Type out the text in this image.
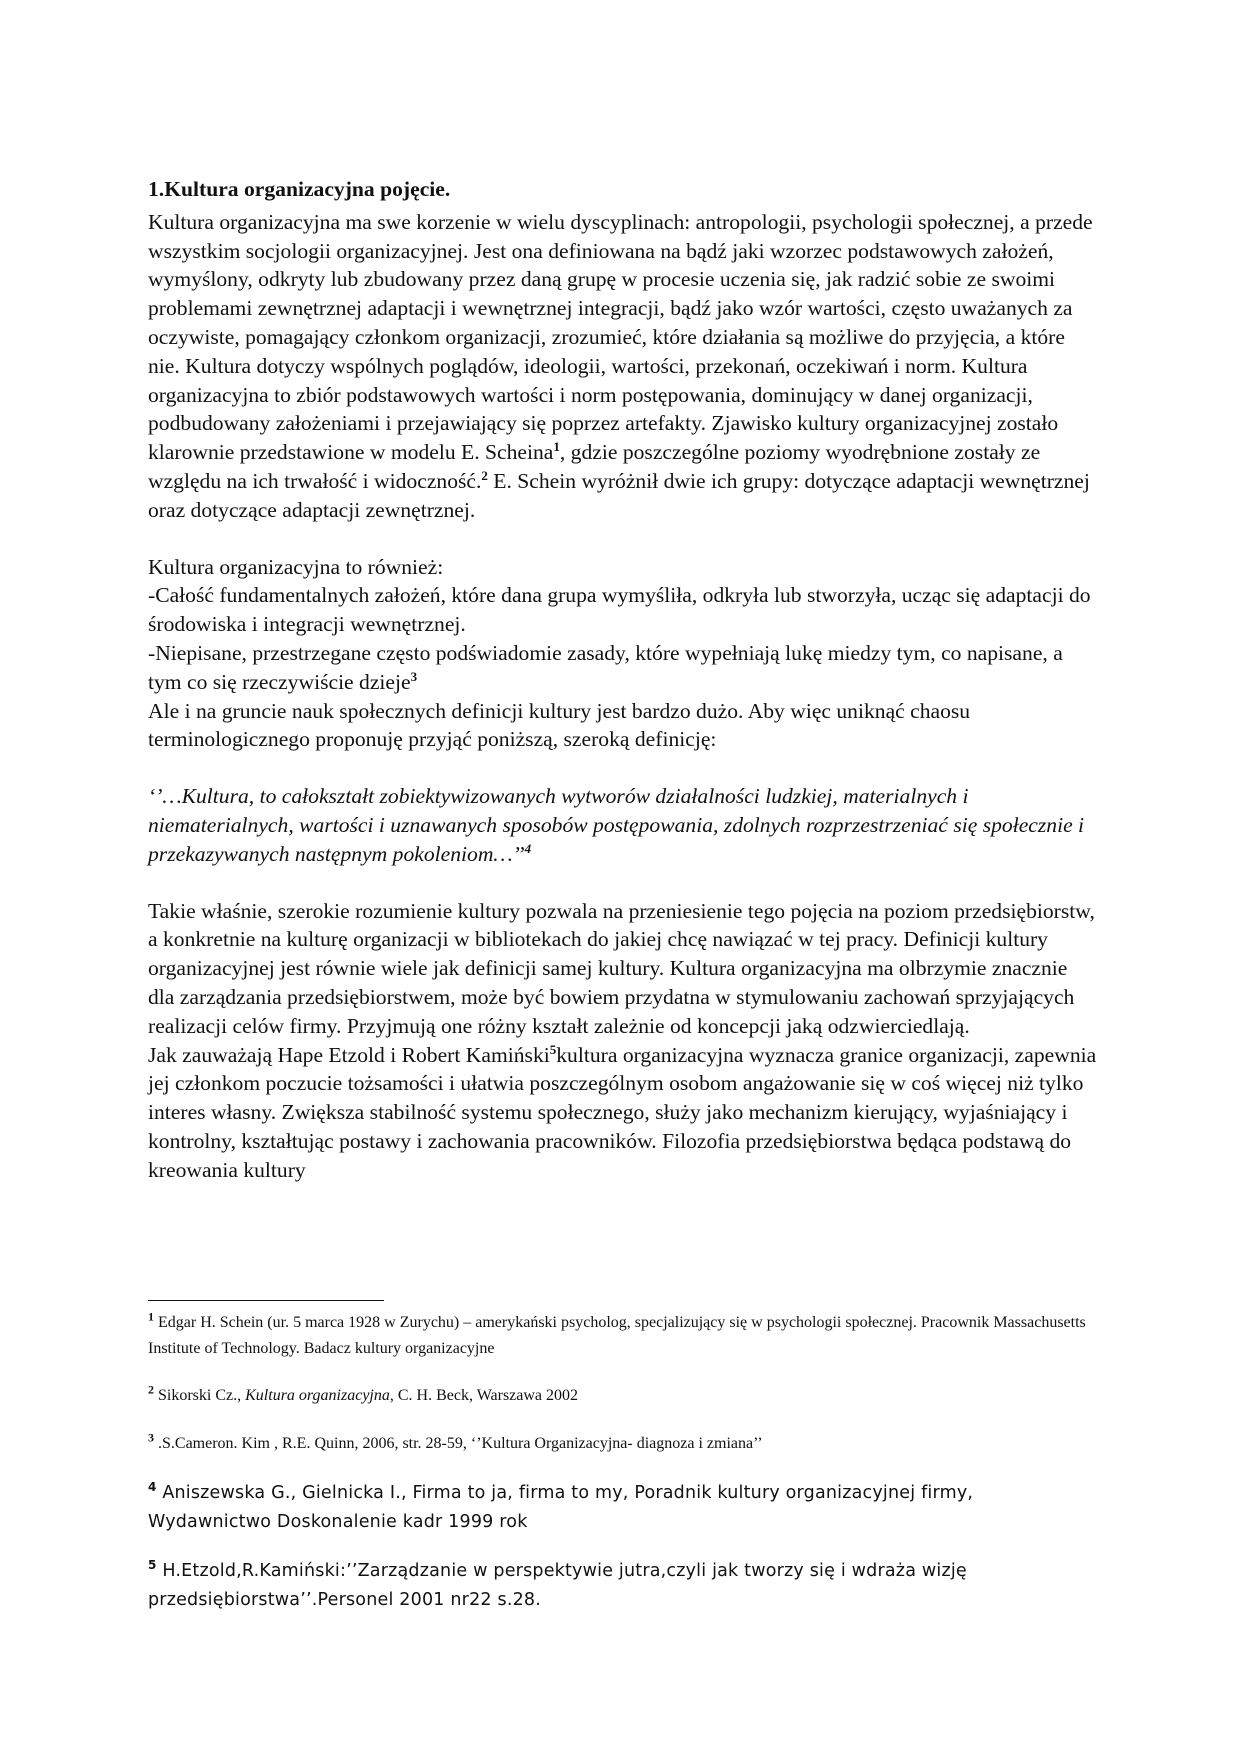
1.Kultura organizacyjna pojęcie.

Kultura organizacyjna ma swe korzenie w wielu dyscyplinach: antropologii, psychologii społecznej, a przede wszystkim socjologii organizacyjnej. Jest ona definiowana na bądź jaki wzorzec podstawowych założeń, wymyślony, odkryty lub zbudowany przez daną grupę w procesie uczenia się, jak radzić sobie ze swoimi problemami zewnętrznej adaptacji i wewnętrznej integracji, bądź jako wzór wartości, często uważanych za oczywiste, pomagający członkom organizacji, zrozumieć, które działania są możliwe do przyjęcia, a które nie. Kultura dotyczy wspólnych poglądów, ideologii, wartości, przekonań, oczekiwań i norm. Kultura organizacyjna to zbiór podstawowych wartości i norm postępowania, dominujący w danej organizacji, podbudowany założeniami i przejawiający się poprzez artefakty. Zjawisko kultury organizacyjnej zostało klarownie przedstawione w modelu E. Scheina$^1$, gdzie poszczególne poziomy wyodrębnione zostały ze względu na ich trwałość i widoczność.$^2$ E. Schein wyróżnił dwie ich grupy: dotyczące adaptacji wewnętrznej oraz dotyczące adaptacji zewnętrznej.

Kultura organizacyjna to również:

-Całość fundamentalnych założeń, które dana grupa wymyśliła, odkryła lub stworzyła, ucząc się adaptacji do środowiska i integracji wewnętrznej.

-Niepisane, przestrzegane często podświadomie zasady, które wypełniają lukę miedzy tym, co napisane, a tym co się rzeczywiście dzieje$^3$

Ale i na gruncie nauk społecznych definicji kultury jest bardzo dużo. Aby więc uniknąć chaosu terminologicznego proponuję przyjąć poniższą, szeroką definicję:

‘’…Kultura, to całokształt zobiektywizowanych wytworów działalności ludzkiej, materialnych i niematerialnych, wartości i uznawanych sposobów postępowania, zdolnych rozprzestrzeniać się społecznie i przekazywanych następnym pokoleniom…’’$^4$

Takie właśnie, szerokie rozumienie kultury pozwala na przeniesienie tego pojęcia na poziom przedsiębiorstw, a konkretnie na kulturę organizacji w bibliotekach do jakiej chcę nawiązać w tej pracy. Definicji kultury organizacyjnej jest równie wiele jak definicji samej kultury. Kultura organizacyjna ma olbrzymie znacznie dla zarządzania przedsiębiorstwem, może być bowiem przydatna w stymulowaniu zachowań sprzyjających realizacji celów firmy. Przyjmują one różny kształt zależnie od koncepcji jaką odzwierciedlają.
Jak zauważają Hape Etzold i Robert Kamiński$^5$kultura organizacyjna wyznacza granice organizacji, zapewnia jej członkom poczucie tożsamości i ułatwia poszczególnym osobom angażowanie się w coś więcej niż tylko interes własny. Zwiększa stabilność systemu społecznego, służy jako mechanizm kierujący, wyjaśniający i kontrolny, kształtując postawy i zachowania pracowników. Filozofia przedsiębiorstwa będąca podstawą do kreowania kultury

$^1$ Edgar H. Schein (ur. 5 marca 1928 w Zurychu) – amerykański psycholog, specjalizujący się w psychologii społecznej. Pracownik Massachusetts Institute of Technology. Badacz kultury organizacyjne

$^2$ Sikorski Cz., Kultura organizacyjna, C. H. Beck, Warszawa 2002

$^3$ .S.Cameron. Kim , R.E. Quinn, 2006, str. 28-59, ‘’Kultura Organizacyjna- diagnoza i zmiana’’

$^4$ Aniszewska G., Gielnicka I., Firma to ja, firma to my, Poradnik kultury organizacyjnej firmy, Wydawnictwo Doskonalenie kadr 1999 rok

$^5$ H.Etzold,R.Kamiński:’’Zarządzanie w perspektywie jutra,czyli jak tworzy się i wdraża wizję przedsiębiorstwa’’.Personel 2001 nr22 s.28.
